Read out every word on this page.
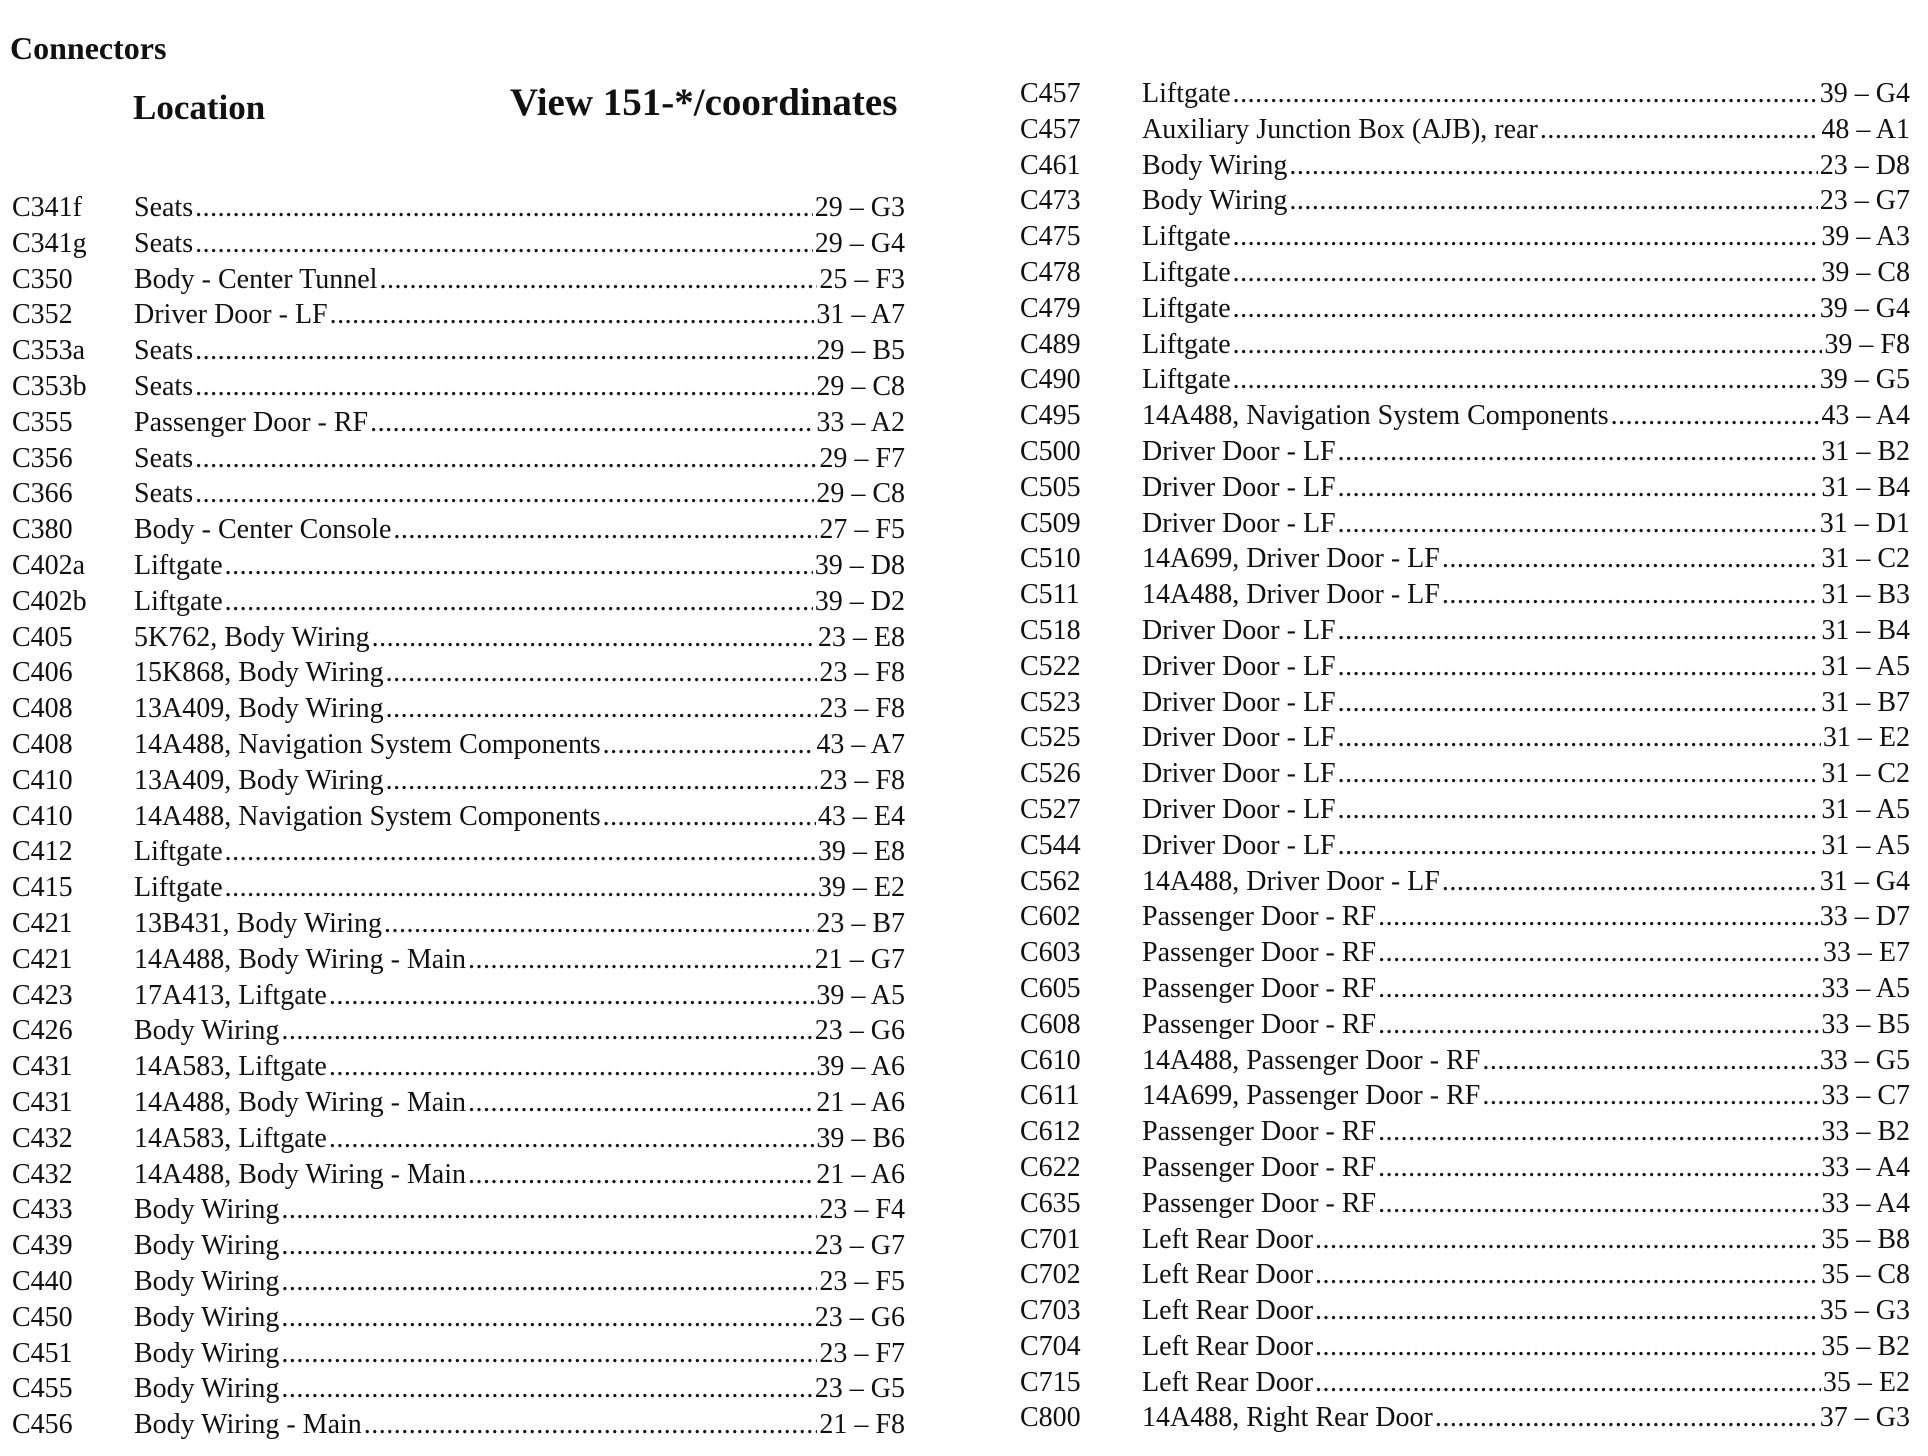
Connectors
Location	View 151-*/coordinates
C341f	Seats .....	29 – G3
C341g	Seats .....	29 – G4
C350	Body - Center Tunnel .....	25 – F3
C352	Driver Door - LF .....	31 – A7
C353a	Seats .....	29 – B5
C353b	Seats .....	29 – C8
C355	Passenger Door - RF .....	33 – A2
C356	Seats .....	29 – F7
C366	Seats .....	29 – C8
C380	Body - Center Console .....	27 – F5
C402a	Liftgate .....	39 – D8
C402b	Liftgate .....	39 – D2
C405	5K762, Body Wiring .....	23 – E8
C406	15K868, Body Wiring .....	23 – F8
C408	13A409, Body Wiring .....	23 – F8
C408	14A488, Navigation System Components .....	43 – A7
C410	13A409, Body Wiring .....	23 – F8
C410	14A488, Navigation System Components .....	43 – E4
C412	Liftgate .....	39 – E8
C415	Liftgate .....	39 – E2
C421	13B431, Body Wiring .....	23 – B7
C421	14A488, Body Wiring - Main .....	21 – G7
C423	17A413, Liftgate .....	39 – A5
C426	Body Wiring .....	23 – G6
C431	14A583, Liftgate .....	39 – A6
C431	14A488, Body Wiring - Main .....	21 – A6
C432	14A583, Liftgate .....	39 – B6
C432	14A488, Body Wiring - Main .....	21 – A6
C433	Body Wiring .....	23 – F4
C439	Body Wiring .....	23 – G7
C440	Body Wiring .....	23 – F5
C450	Body Wiring .....	23 – G6
C451	Body Wiring .....	23 – F7
C455	Body Wiring .....	23 – G5
C456	Body Wiring - Main .....	21 – F8
C457	Liftgate .....	39 – G4
C457	Auxiliary Junction Box (AJB), rear .....	48 – A1
C461	Body Wiring .....	23 – D8
C473	Body Wiring .....	23 – G7
C475	Liftgate .....	39 – A3
C478	Liftgate .....	39 – C8
C479	Liftgate .....	39 – G4
C489	Liftgate .....	39 – F8
C490	Liftgate .....	39 – G5
C495	14A488, Navigation System Components .....	43 – A4
C500	Driver Door - LF .....	31 – B2
C505	Driver Door - LF .....	31 – B4
C509	Driver Door - LF .....	31 – D1
C510	14A699, Driver Door - LF .....	31 – C2
C511	14A488, Driver Door - LF .....	31 – B3
C518	Driver Door - LF .....	31 – B4
C522	Driver Door - LF .....	31 – A5
C523	Driver Door - LF .....	31 – B7
C525	Driver Door - LF .....	31 – E2
C526	Driver Door - LF .....	31 – C2
C527	Driver Door - LF .....	31 – A5
C544	Driver Door - LF .....	31 – A5
C562	14A488, Driver Door - LF .....	31 – G4
C602	Passenger Door - RF .....	33 – D7
C603	Passenger Door - RF .....	33 – E7
C605	Passenger Door - RF .....	33 – A5
C608	Passenger Door - RF .....	33 – B5
C610	14A488, Passenger Door - RF .....	33 – G5
C611	14A699, Passenger Door - RF .....	33 – C7
C612	Passenger Door - RF .....	33 – B2
C622	Passenger Door - RF .....	33 – A4
C635	Passenger Door - RF .....	33 – A4
C701	Left Rear Door .....	35 – B8
C702	Left Rear Door .....	35 – C8
C703	Left Rear Door .....	35 – G3
C704	Left Rear Door .....	35 – B2
C715	Left Rear Door .....	35 – E2
C800	14A488, Right Rear Door .....	37 – G3
